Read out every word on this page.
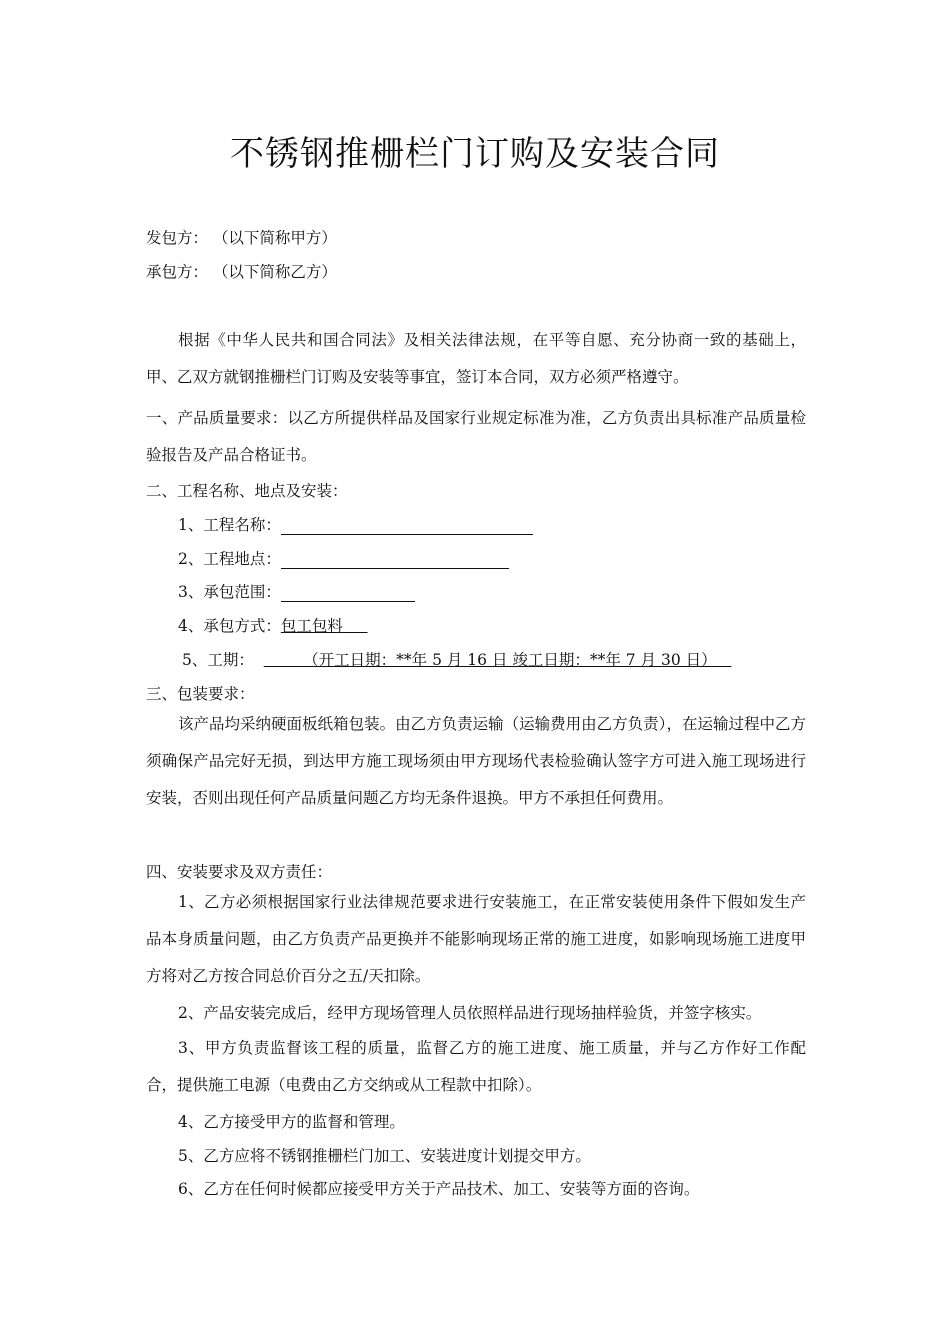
不锈钢推栅栏门订购及安装合同
发包方： （以下简称甲方）
承包方： （以下简称乙方）
根据《中华人民共和国合同法》及相关法律法规，在平等自愿、充分协商一致的基础上，甲、乙双方就钢推栅栏门订购及安装等事宜，签订本合同，双方必须严格遵守。
一、产品质量要求：以乙方所提供样品及国家行业规定标准为准，乙方负责出具标准产品质量检验报告及产品合格证书。
二、工程名称、地点及安装：
1、工程名称：
2、工程地点：
3、承包范围：
4、承包方式：包工包料
5、工期：	（开工日期：**年 5 月 16 日 竣工日期：**年 7 月 30 日）
三、包装要求：
该产品均采纳硬面板纸箱包装。由乙方负责运输（运输费用由乙方负责），在运输过程中乙方须确保产品完好无损，到达甲方施工现场须由甲方现场代表检验确认签字方可进入施工现场进行安装，否则出现任何产品质量问题乙方均无条件退换。甲方不承担任何费用。
四、安装要求及双方责任：
1、乙方必须根据国家行业法律规范要求进行安装施工，在正常安装使用条件下假如发生产品本身质量问题，由乙方负责产品更换并不能影响现场正常的施工进度，如影响现场施工进度甲方将对乙方按合同总价百分之五/天扣除。
2、产品安装完成后，经甲方现场管理人员依照样品进行现场抽样验货，并签字核实。
3、甲方负责监督该工程的质量，监督乙方的施工进度、施工质量，并与乙方作好工作配合，提供施工电源（电费由乙方交纳或从工程款中扣除）。
4、乙方接受甲方的监督和管理。
5、乙方应将不锈钢推栅栏门加工、安装进度计划提交甲方。
6、乙方在任何时候都应接受甲方关于产品技术、加工、安装等方面的咨询。
